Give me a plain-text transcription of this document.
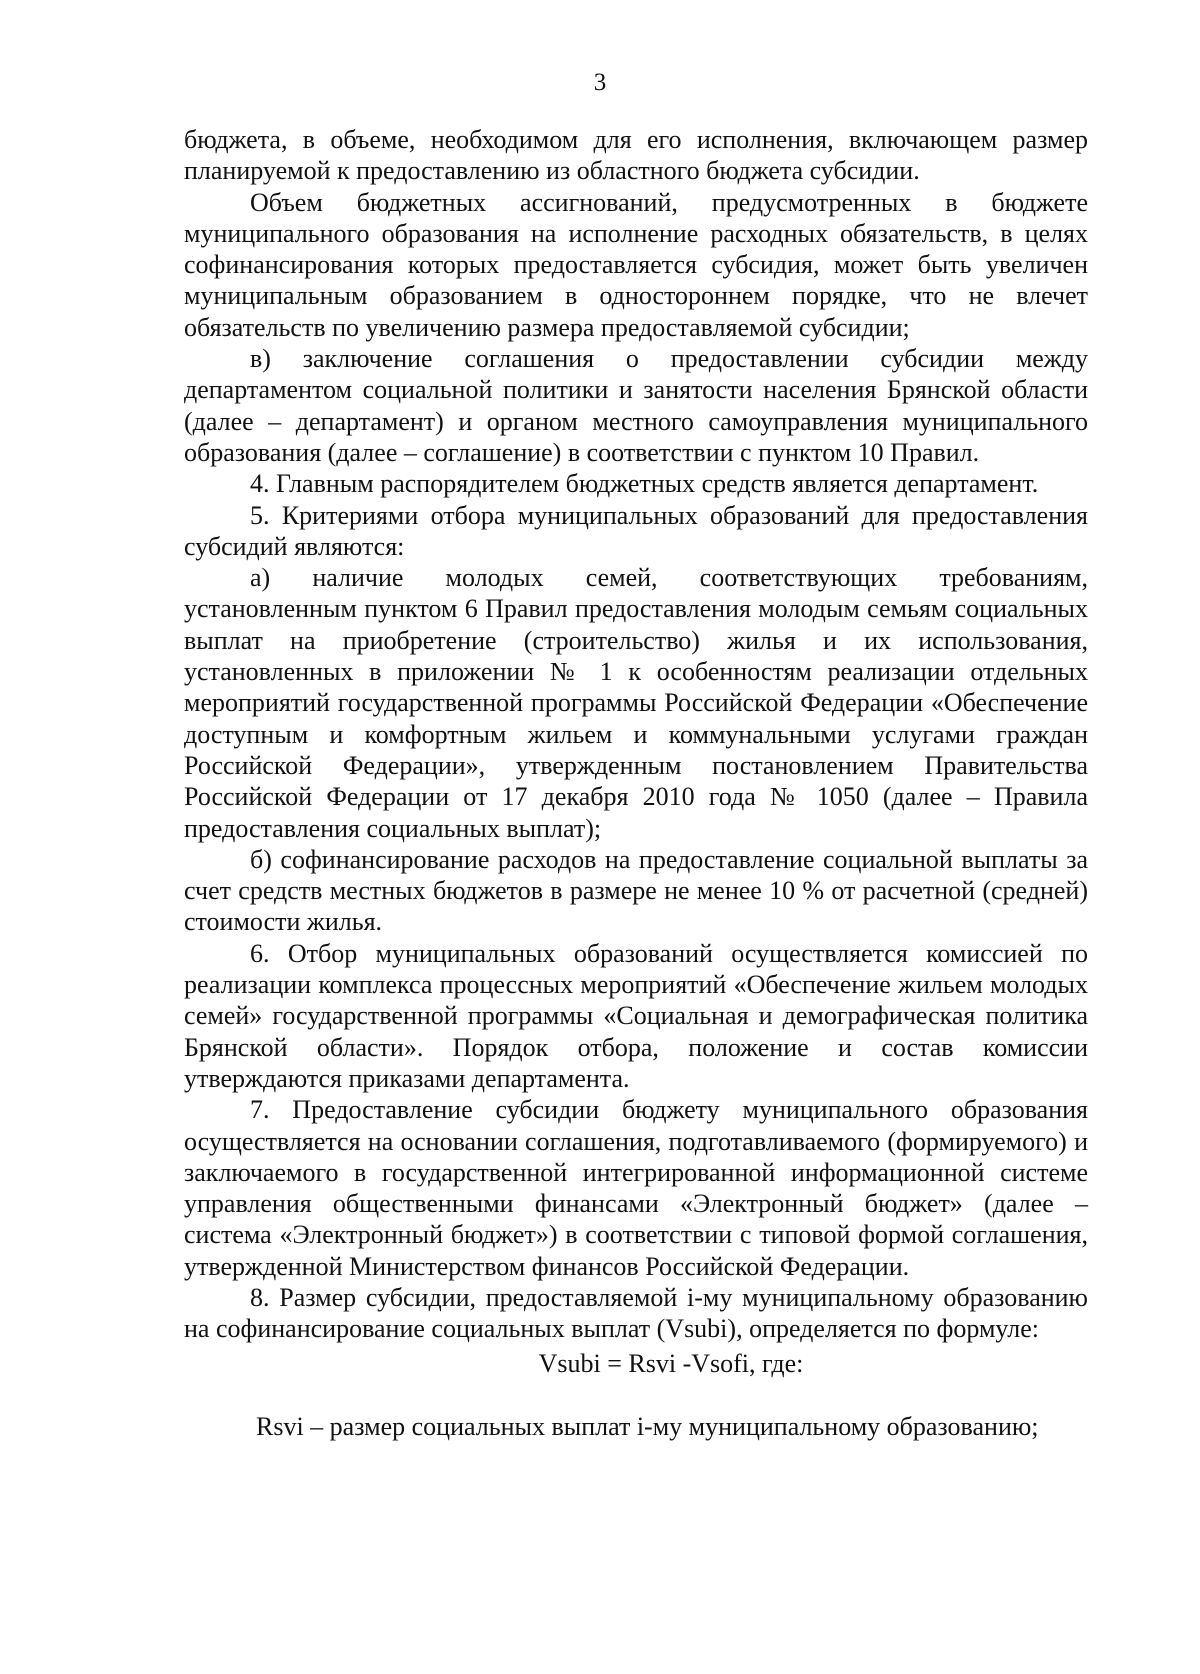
3

бюджета, в объеме, необходимом для его исполнения, включающем размер планируемой к предоставлению из областного бюджета субсидии.

Объем бюджетных ассигнований, предусмотренных в бюджете муниципального образования на исполнение расходных обязательств, в целях софинансирования которых предоставляется субсидия, может быть увеличен муниципальным образованием в одностороннем порядке, что не влечет обязательств по увеличению размера предоставляемой субсидии;

в) заключение соглашения о предоставлении субсидии между департаментом социальной политики и занятости населения Брянской области (далее – департамент) и органом местного самоуправления муниципального образования (далее – соглашение) в соответствии с пунктом 10 Правил.

4. Главным распорядителем бюджетных средств является департамент.

5. Критериями отбора муниципальных образований для предоставления субсидий являются:

а) наличие молодых семей, соответствующих требованиям, установленным пунктом 6 Правил предоставления молодым семьям социальных выплат на приобретение (строительство) жилья и их использования, установленных в приложении № 1 к особенностям реализации отдельных мероприятий государственной программы Российской Федерации «Обеспечение доступным и комфортным жильем и коммунальными услугами граждан Российской Федерации», утвержденным постановлением Правительства Российской Федерации от 17 декабря 2010 года № 1050 (далее – Правила предоставления социальных выплат);

б) софинансирование расходов на предоставление социальной выплаты за счет средств местных бюджетов в размере не менее 10 % от расчетной (средней) стоимости жилья.

6. Отбор муниципальных образований осуществляется комиссией по реализации комплекса процессных мероприятий «Обеспечение жильем молодых семей» государственной программы «Социальная и демографическая политика Брянской области». Порядок отбора, положение и состав комиссии утверждаются приказами департамента.

7. Предоставление субсидии бюджету муниципального образования осуществляется на основании соглашения, подготавливаемого (формируемого) и заключаемого в государственной интегрированной информационной системе управления общественными финансами «Электронный бюджет» (далее – система «Электронный бюджет») в соответствии с типовой формой соглашения, утвержденной Министерством финансов Российской Федерации.

8. Размер субсидии, предоставляемой i-му муниципальному образованию на софинансирование социальных выплат (Vsubi), определяется по формуле:

Vsubi = Rsvi -Vsofi, где:

Rsvi – размер социальных выплат i-му муниципальному образованию;
